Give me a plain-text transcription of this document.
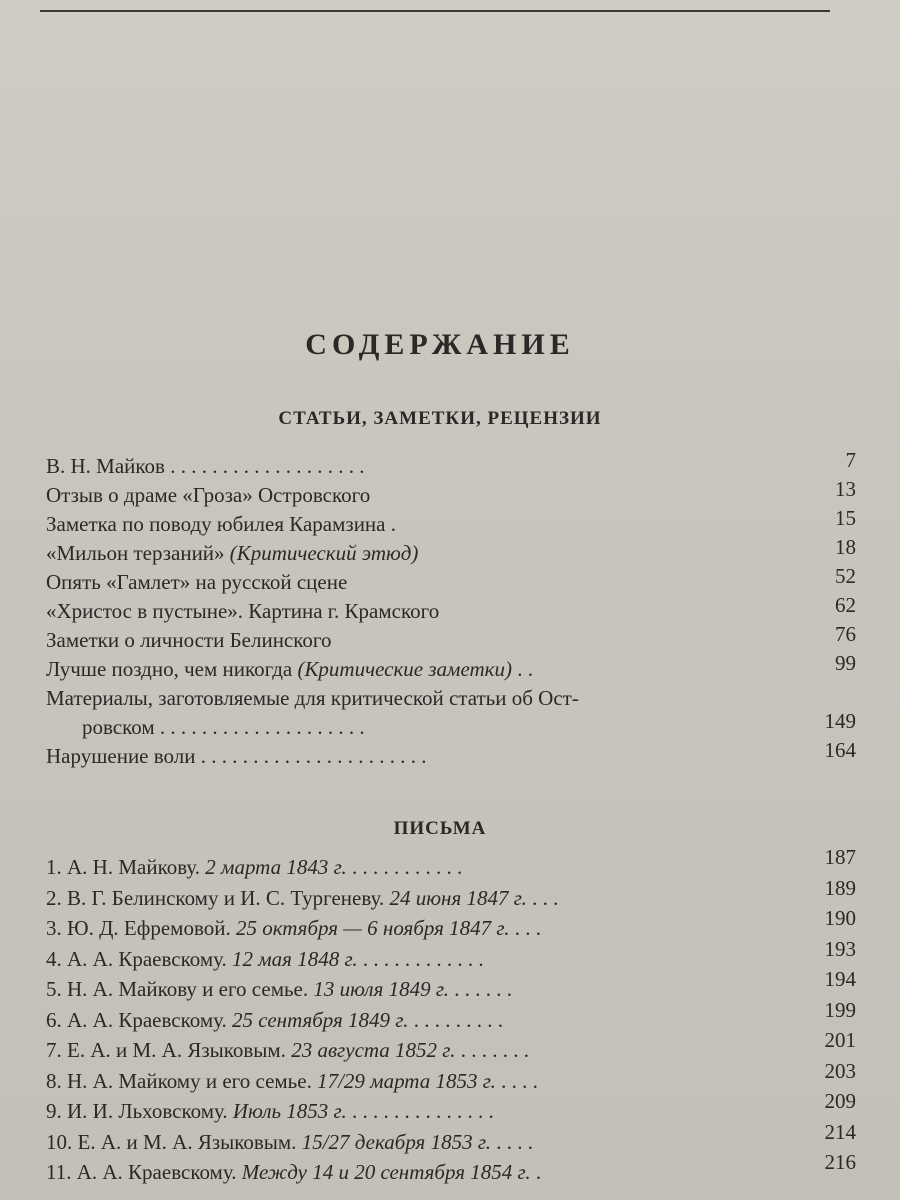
СОДЕРЖАНИЕ
СТАТЬИ, ЗАМЕТКИ, РЕЦЕНЗИИ
В. Н. Майков . . . . . . . . . . . . . . . . . . .	7
Отзыв о драме «Гроза» Островского	13
Заметка по поводу юбилея Карамзина .	15
«Мильон терзаний» (Критический этюд)	18
Опять «Гамлет» на русской сцене	52
«Христос в пустыне». Картина г. Крамского	62
Заметки о личности Белинского	76
Лучше поздно, чем никогда (Критические заметки) . .	99
Материалы, заготовляемые для критической статьи об Ост-
ровском . . . . . . . . . . . . . . . . . . . .	149
Нарушение воли . . . . . . . . . . . . . . . . . . . . . .	164
ПИСЬМА
1. А. Н. Майкову. 2 марта 1843 г. . . . . . . . . . . .	187
2. В. Г. Белинскому и И. С. Тургеневу. 24 июня 1847 г. . . .	189
3. Ю. Д. Ефремовой. 25 октября — 6 ноября 1847 г. . . .	190
4. А. А. Краевскому. 12 мая 1848 г. . . . . . . . . . . . .	193
5. Н. А. Майкову и его семье. 13 июля 1849 г. . . . . . .	194
6. А. А. Краевскому. 25 сентября 1849 г. . . . . . . . . .	199
7. Е. А. и М. А. Языковым. 23 августа 1852 г. . . . . . . .	201
8. Н. А. Майкому и его семье. 17/29 марта 1853 г. . . . .	203
9. И. И. Льховскому. Июль 1853 г. . . . . . . . . . . . . . .	209
10. Е. А. и М. А. Языковым. 15/27 декабря 1853 г. . . . .	214
11. А. А. Краевскому. Между 14 и 20 сентября 1854 г. .	216
